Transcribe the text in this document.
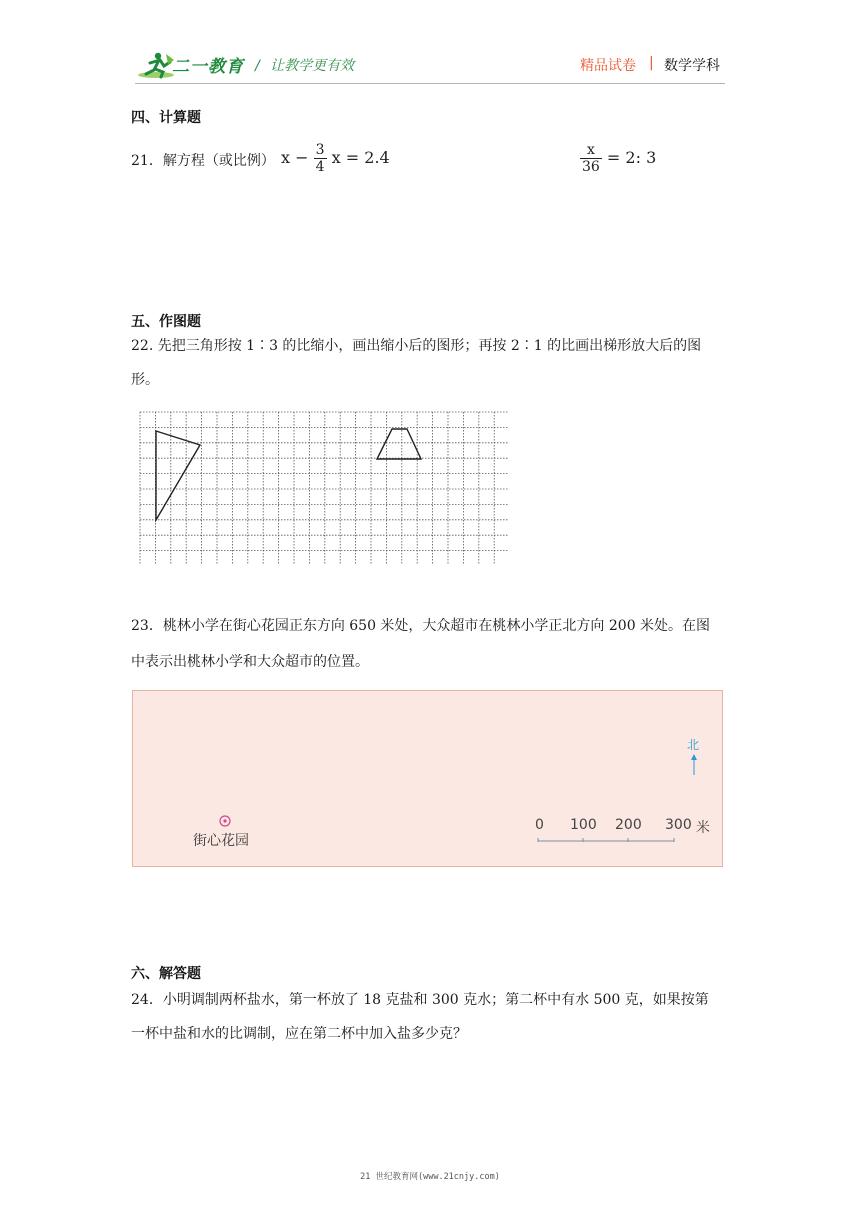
二一教育 / 让教学更有效	精品试卷 | 数学学科
四、计算题
21．解方程（或比例） $x - \frac{3}{4}$ x = 2.4	$\frac{x}{36} = 2$: 3
五、作图题
22. 先把三角形按 1∶3 的比缩小，画出缩小后的图形；再按 2∶1 的比画出梯形放大后的图
形。
23．桃林小学在街心花园正东方向 650 米处，大众超市在桃林小学正北方向 200 米处。在图
中表示出桃林小学和大众超市的位置。
街心花园
北
0 100 200 300 米
六、解答题
24．小明调制两杯盐水，第一杯放了 18 克盐和 300 克水；第二杯中有水 500 克，如果按第
一杯中盐和水的比调制，应在第二杯中加入盐多少克？
21 世纪教育网(www.21cnjy.com)
